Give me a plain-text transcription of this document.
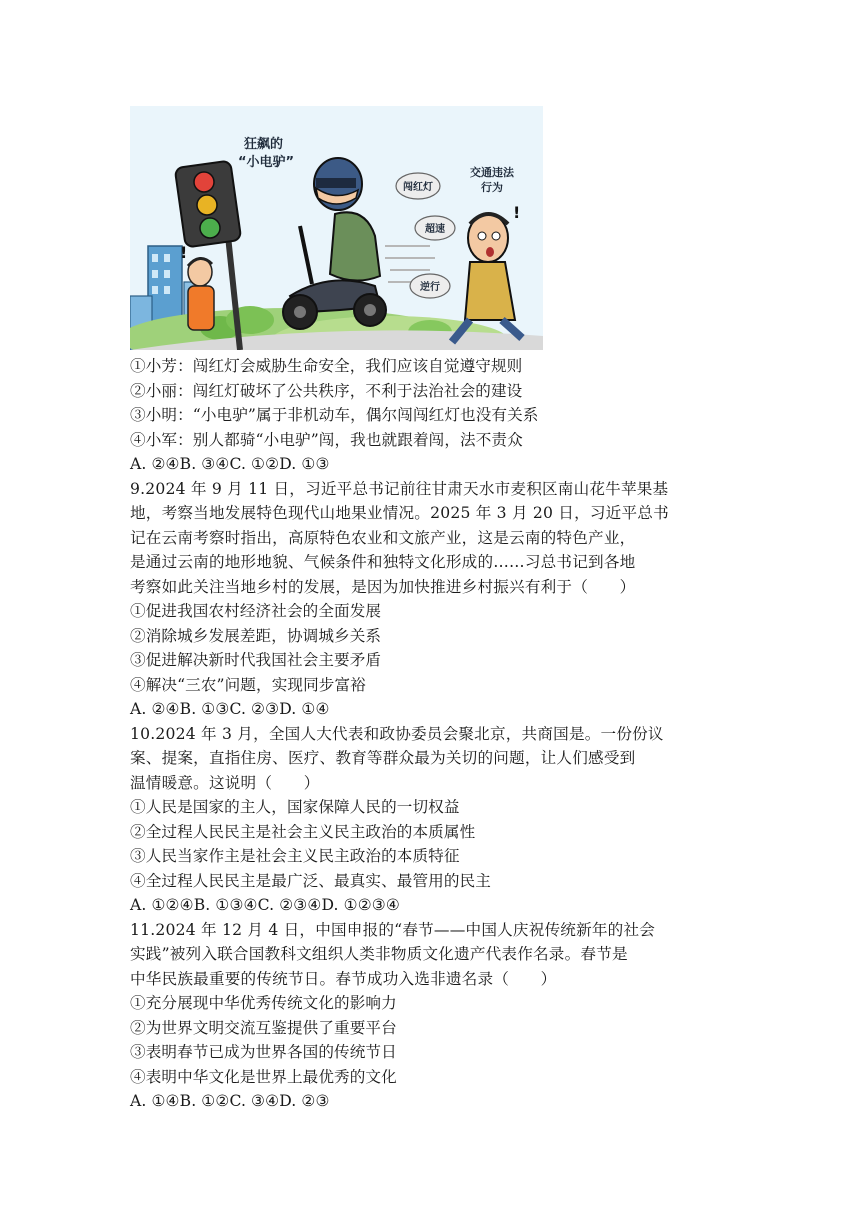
!
闯红灯
超速
逆行
!
狂飙的
“小电驴”
交通违法
行为
①小芳：闯红灯会威胁生命安全，我们应该自觉遵守规则
②小丽：闯红灯破坏了公共秩序，不利于法治社会的建设
③小明：“小电驴”属于非机动车，偶尔闯闯红灯也没有关系
④小军：别人都骑“小电驴”闯，我也就跟着闯，法不责众
A. ②④B. ③④C. ①②D. ①③
9.2024 年 9 月 11 日，习近平总书记前往甘肃天水市麦积区南山花牛苹果基
地，考察当地发展特色现代山地果业情况。2025 年 3 月 20 日，习近平总书
记在云南考察时指出，高原特色农业和文旅产业，这是云南的特色产业，
是通过云南的地形地貌、气候条件和独特文化形成的……习总书记到各地
考察如此关注当地乡村的发展，是因为加快推进乡村振兴有利于（　　）
①促进我国农村经济社会的全面发展
②消除城乡发展差距，协调城乡关系
③促进解决新时代我国社会主要矛盾
④解决“三农”问题，实现同步富裕
A. ②④B. ①③C. ②③D. ①④
10.2024 年 3 月，全国人大代表和政协委员会聚北京，共商国是。一份份议
案、提案，直指住房、医疗、教育等群众最为关切的问题，让人们感受到
温情暖意。这说明（　　）
①人民是国家的主人，国家保障人民的一切权益
②全过程人民民主是社会主义民主政治的本质属性
③人民当家作主是社会主义民主政治的本质特征
④全过程人民民主是最广泛、最真实、最管用的民主
A. ①②④B. ①③④C. ②③④D. ①②③④
11.2024 年 12 月 4 日，中国申报的“春节——中国人庆祝传统新年的社会
实践”被列入联合国教科文组织人类非物质文化遗产代表作名录。春节是
中华民族最重要的传统节日。春节成功入选非遗名录（　　）
①充分展现中华优秀传统文化的影响力
②为世界文明交流互鉴提供了重要平台
③表明春节已成为世界各国的传统节日
④表明中华文化是世界上最优秀的文化
A. ①④B. ①②C. ③④D. ②③
